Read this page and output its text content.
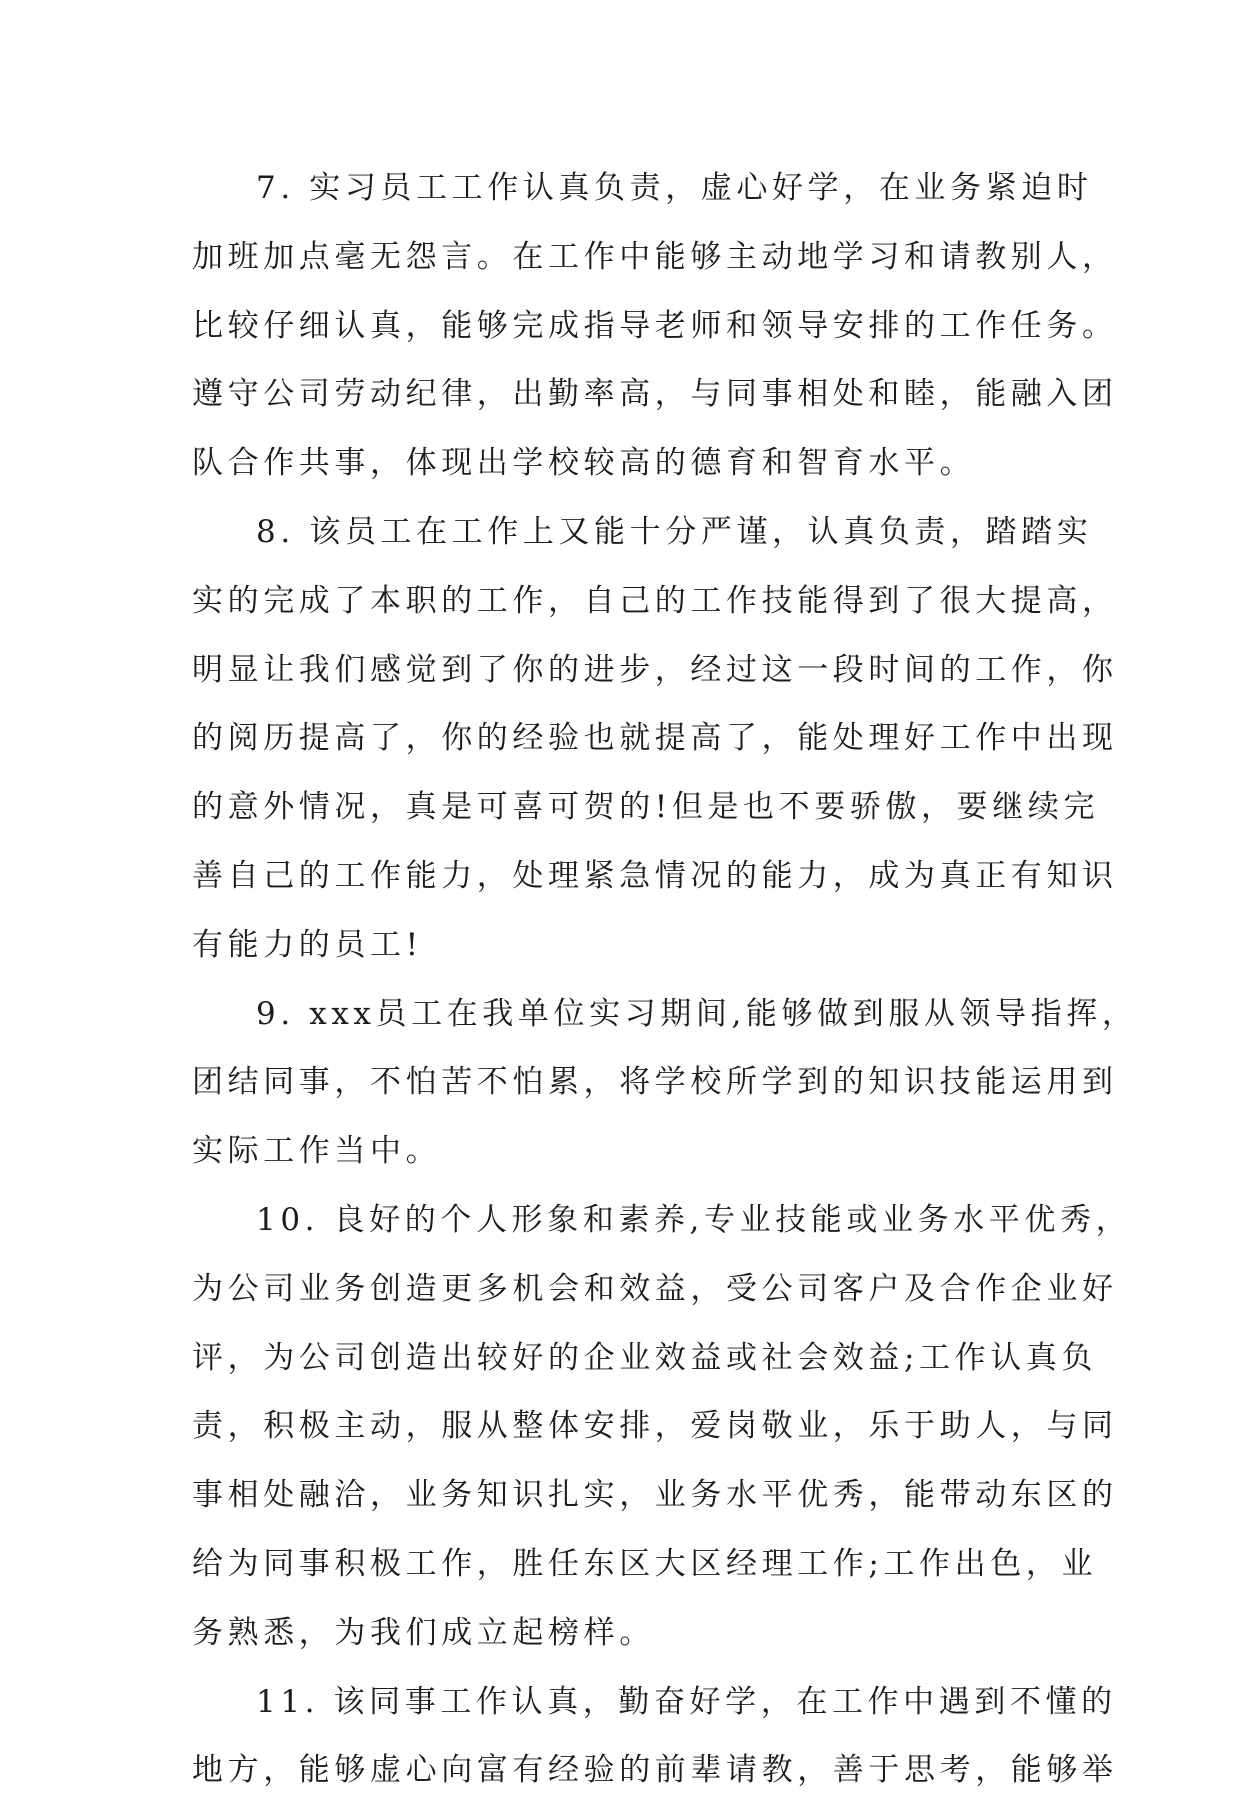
7. 实习员工工作认真负责，虚心好学，在业务紧迫时
加班加点毫无怨言。在工作中能够主动地学习和请教别人，
比较仔细认真，能够完成指导老师和领导安排的工作任务。
遵守公司劳动纪律，出勤率高，与同事相处和睦，能融入团
队合作共事，体现出学校较高的德育和智育水平。

8. 该员工在工作上又能十分严谨，认真负责，踏踏实
实的完成了本职的工作，自己的工作技能得到了很大提高，
明显让我们感觉到了你的进步，经过这一段时间的工作，你
的阅历提高了，你的经验也就提高了，能处理好工作中出现
的意外情况，真是可喜可贺的!但是也不要骄傲，要继续完
善自己的工作能力，处理紧急情况的能力，成为真正有知识
有能力的员工!

9. xxx员工在我单位实习期间,能够做到服从领导指挥，
团结同事，不怕苦不怕累，将学校所学到的知识技能运用到
实际工作当中。

10. 良好的个人形象和素养,专业技能或业务水平优秀，
为公司业务创造更多机会和效益，受公司客户及合作企业好
评，为公司创造出较好的企业效益或社会效益;工作认真负
责，积极主动，服从整体安排，爱岗敬业，乐于助人，与同
事相处融洽，业务知识扎实，业务水平优秀，能带动东区的
给为同事积极工作，胜任东区大区经理工作;工作出色，业
务熟悉，为我们成立起榜样。

11. 该同事工作认真，勤奋好学，在工作中遇到不懂的
地方，能够虚心向富有经验的前辈请教，善于思考，能够举
